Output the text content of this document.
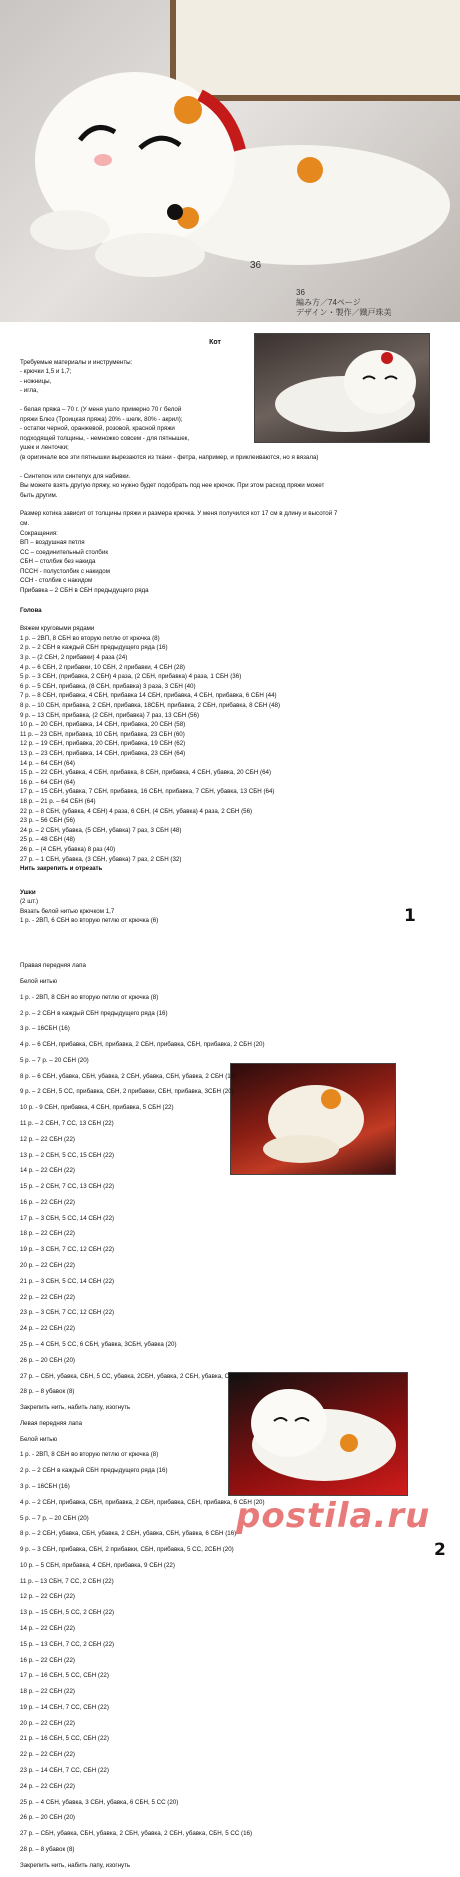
36
36
編み方／74ページ
デザイン・製作／鐡戸珠美
Кот

Требуемые материалы и инструменты:

- крючки 1,5 и 1,7;

- ножницы,

- игла,

- белая пряжа – 70 г. (У меня ушло примерно 70 г белой

пряжи Блюз (Троицкая пряжа) 20% - шелк, 80% - акрил);

- остатки черной, оранжевой, розовой, красной пряжи

подходящей толщины, - немножко совсем - для пятнышек,

ушек и ленточки;

(в оригинале все эти пятнышки вырезаются из ткани - фетра, например, и приклеиваются, но я вязала)

- Синтепон или синтепух для набивки.

Вы можете взять другую пряжу, но нужно будет подобрать под нее крючок. При этом расход пряжи может

быть другим.

Размер котика зависит от толщины пряжи и размера крючка. У меня получился кот 17 см в длину и высотой 7

см.

Сокращения:

ВП – воздушная петля

СС – соединительный столбик

СБН – столбик без накида

ПССН - полустолбик с накидом

ССН - столбик с накидом

Прибавка – 2 СБН в СБН предыдущего ряда

Голова

Вяжем круговыми рядами

1 р. – 2ВП, 8 СБН во вторую петлю от крючка (8)

2 р. – 2 СБН в каждый СБН предыдущего ряда (16)

3 р. – (2 СБН, 2 прибавки) 4 раза (24)

4 р. – 6 СБН, 2 прибавки, 10 СБН, 2 прибавки, 4 СБН (28)

5 р. – 3 СБН, (прибавка, 2 СБН) 4 раза, (2 СБН, прибавка) 4 раза, 1 СБН (36)

6 р. – 5 СБН, прибавка, (8 СБН, прибавка) 3 раза, 3 СБН (40)

7 р. – 8 СБН, прибавка, 4 СБН, прибавка 14 СБН, прибавка, 4 СБН, прибавка, 6 СБН (44)

8 р. – 10 СБН, прибавка, 2 СБН, прибавка, 18СБН, прибавка, 2 СБН, прибавка, 8 СБН (48)

9 р. – 13 СБН, прибавка, (2 СБН, прибавка) 7 раз, 13 СБН (56)

10 р. – 20 СБН, прибавка, 14 СБН, прибавка, 20 СБН (58)

11 р. – 23 СБН, прибавка, 10 СБН, прибавка, 23 СБН (60)

12 р. – 19 СБН, прибавка, 20 СБН, прибавка, 19 СБН (62)

13 р. – 23 СБН, прибавка, 14 СБН, прибавка, 23 СБН (64)

14 р. – 64 СБН (64)

15 р. – 22 СБН, убавка, 4 СБН, прибавка, 8 СБН, прибавка, 4 СБН, убавка, 20 СБН (64)

16 р. – 64 СБН (64)

17 р. – 15 СБН, убавка, 7 СБН, прибавка, 16 СБН, прибавка, 7 СБН, убавка, 13 СБН (64)

18 р. – 21 р. – 64 СБН (64)

22 р. – 8 СБН, (убавка, 4 СБН) 4 раза, 6 СБН, (4 СБН, убавка) 4 раза, 2 СБН (56)

23 р. – 56 СБН (56)

24 р. – 2 СБН, убавка, (5 СБН, убавка) 7 раз, 3 СБН (48)

25 р. – 48 СБН (48)

26 р. – (4 СБН, убавка) 8 раз (40)

27 р. – 1 СБН, убавка, (3 СБН, убавка) 7 раз, 2 СБН (32)

Нить закрепить и отрезать

Ушки

(2 шт.)

Вязать белой нитью крючком 1,7

1 р. - 2ВП, 6 СБН во вторую петлю от крючка (6)	1

Правая передняя лапа

Белой нитью

1 р. - 2ВП, 8 СБН во вторую петлю от крючка (8)

2 р. – 2 СБН в каждый СБН предыдущего ряда (16)

3 р. – 16СБН (16)

4 р. – 6 СБН, прибавка, СБН, прибавка, 2 СБН, прибавка, СБН, прибавка, 2 СБН (20)

5 р. – 7 р. – 20 СБН (20)

8 р. – 6 СБН, убавка, СБН, убавка, 2 СБН, убавка, СБН, убавка, 2 СБН (16)

9 р. – 2 СБН, 5 СС, прибавка, СБН, 2 прибавки, СБН, прибавка, 3СБН (20)

10 р. - 9 СБН, прибавка, 4 СБН, прибавка, 5 СБН (22)

11 р. – 2 СБН, 7 СС, 13 СБН (22)

12 р. – 22 СБН (22)

13 р. – 2 СБН, 5 СС, 15 СБН (22)

14 р. – 22 СБН (22)

15 р. – 2 СБН, 7 СС, 13 СБН (22)

16 р. – 22 СБН (22)

17 р. – 3 СБН, 5 СС, 14 СБН (22)

18 р. – 22 СБН (22)

19 р. – 3 СБН, 7 СС, 12 СБН (22)

20 р. – 22 СБН (22)

21 р. – 3 СБН, 5 СС, 14 СБН (22)

22 р. – 22 СБН (22)

23 р. – 3 СБН, 7 СС, 12 СБН (22)

24 р. – 22 СБН (22)

25 р. – 4 СБН, 5 СС, 6 СБН, убавка, 3СБН, убавка (20)

26 р. – 20 СБН (20)

27 р. – СБН, убавка, СБН, 5 СС, убавка, 2СБН, убавка, 2 СБН, убавка, СБН (16)

28 р. – 8 убавок (8)

Закрепить нить, набить лапу, изогнуть

Левая передняя лапа

Белой нитью

1 р. - 2ВП, 8 СБН во вторую петлю от крючка (8)

2 р. – 2 СБН в каждый СБН предыдущего ряда (16)

3 р. – 16СБН (16)

4 р. – 2 СБН, прибавка, СБН, прибавка, 2 СБН, прибавка, СБН, прибавка, 6 СБН (20)

5 р. – 7 р. – 20 СБН (20)

8 р. – 2 СБН, убавка, СБН, убавка, 2 СБН, убавка, СБН, убавка, 6 СБН (16)

9 р. – 3 СБН, прибавка, СБН, 2 прибавки, СБН, прибавка, 5 СС, 2СБН (20)

10 р. – 5 СБН, прибавка, 4 СБН, прибавка, 9 СБН (22)

11 р. – 13 СБН, 7 СС, 2 СБН (22)

12 р. – 22 СБН (22)

13 р. – 15 СБН, 5 СС, 2 СБН (22)

14 р. – 22 СБН (22)

15 р. – 13 СБН, 7 СС, 2 СБН (22)

16 р. – 22 СБН (22)

17 р. – 16 СБН, 5 СС, СБН (22)

18 р. – 22 СБН (22)

19 р. – 14 СБН, 7 СС, СБН (22)

20 р. – 22 СБН (22)

21 р. – 16 СБН, 5 СС, СБН (22)

22 р. – 22 СБН (22)

23 р. – 14 СБН, 7 СС, СБН (22)

24 р. – 22 СБН (22)

25 р. – 4 СБН, убавка, 3 СБН, убавка, 6 СБН, 5 СС (20)

26 р. – 20 СБН (20)

27 р. – СБН, убавка, СБН, убавка, 2 СБН, убавка, 2 СБН, убавка, СБН, 5 СС (16)

28 р. – 8 убавок (8)

Закрепить нить, набить лапу, изогнуть

2
postila.ru
